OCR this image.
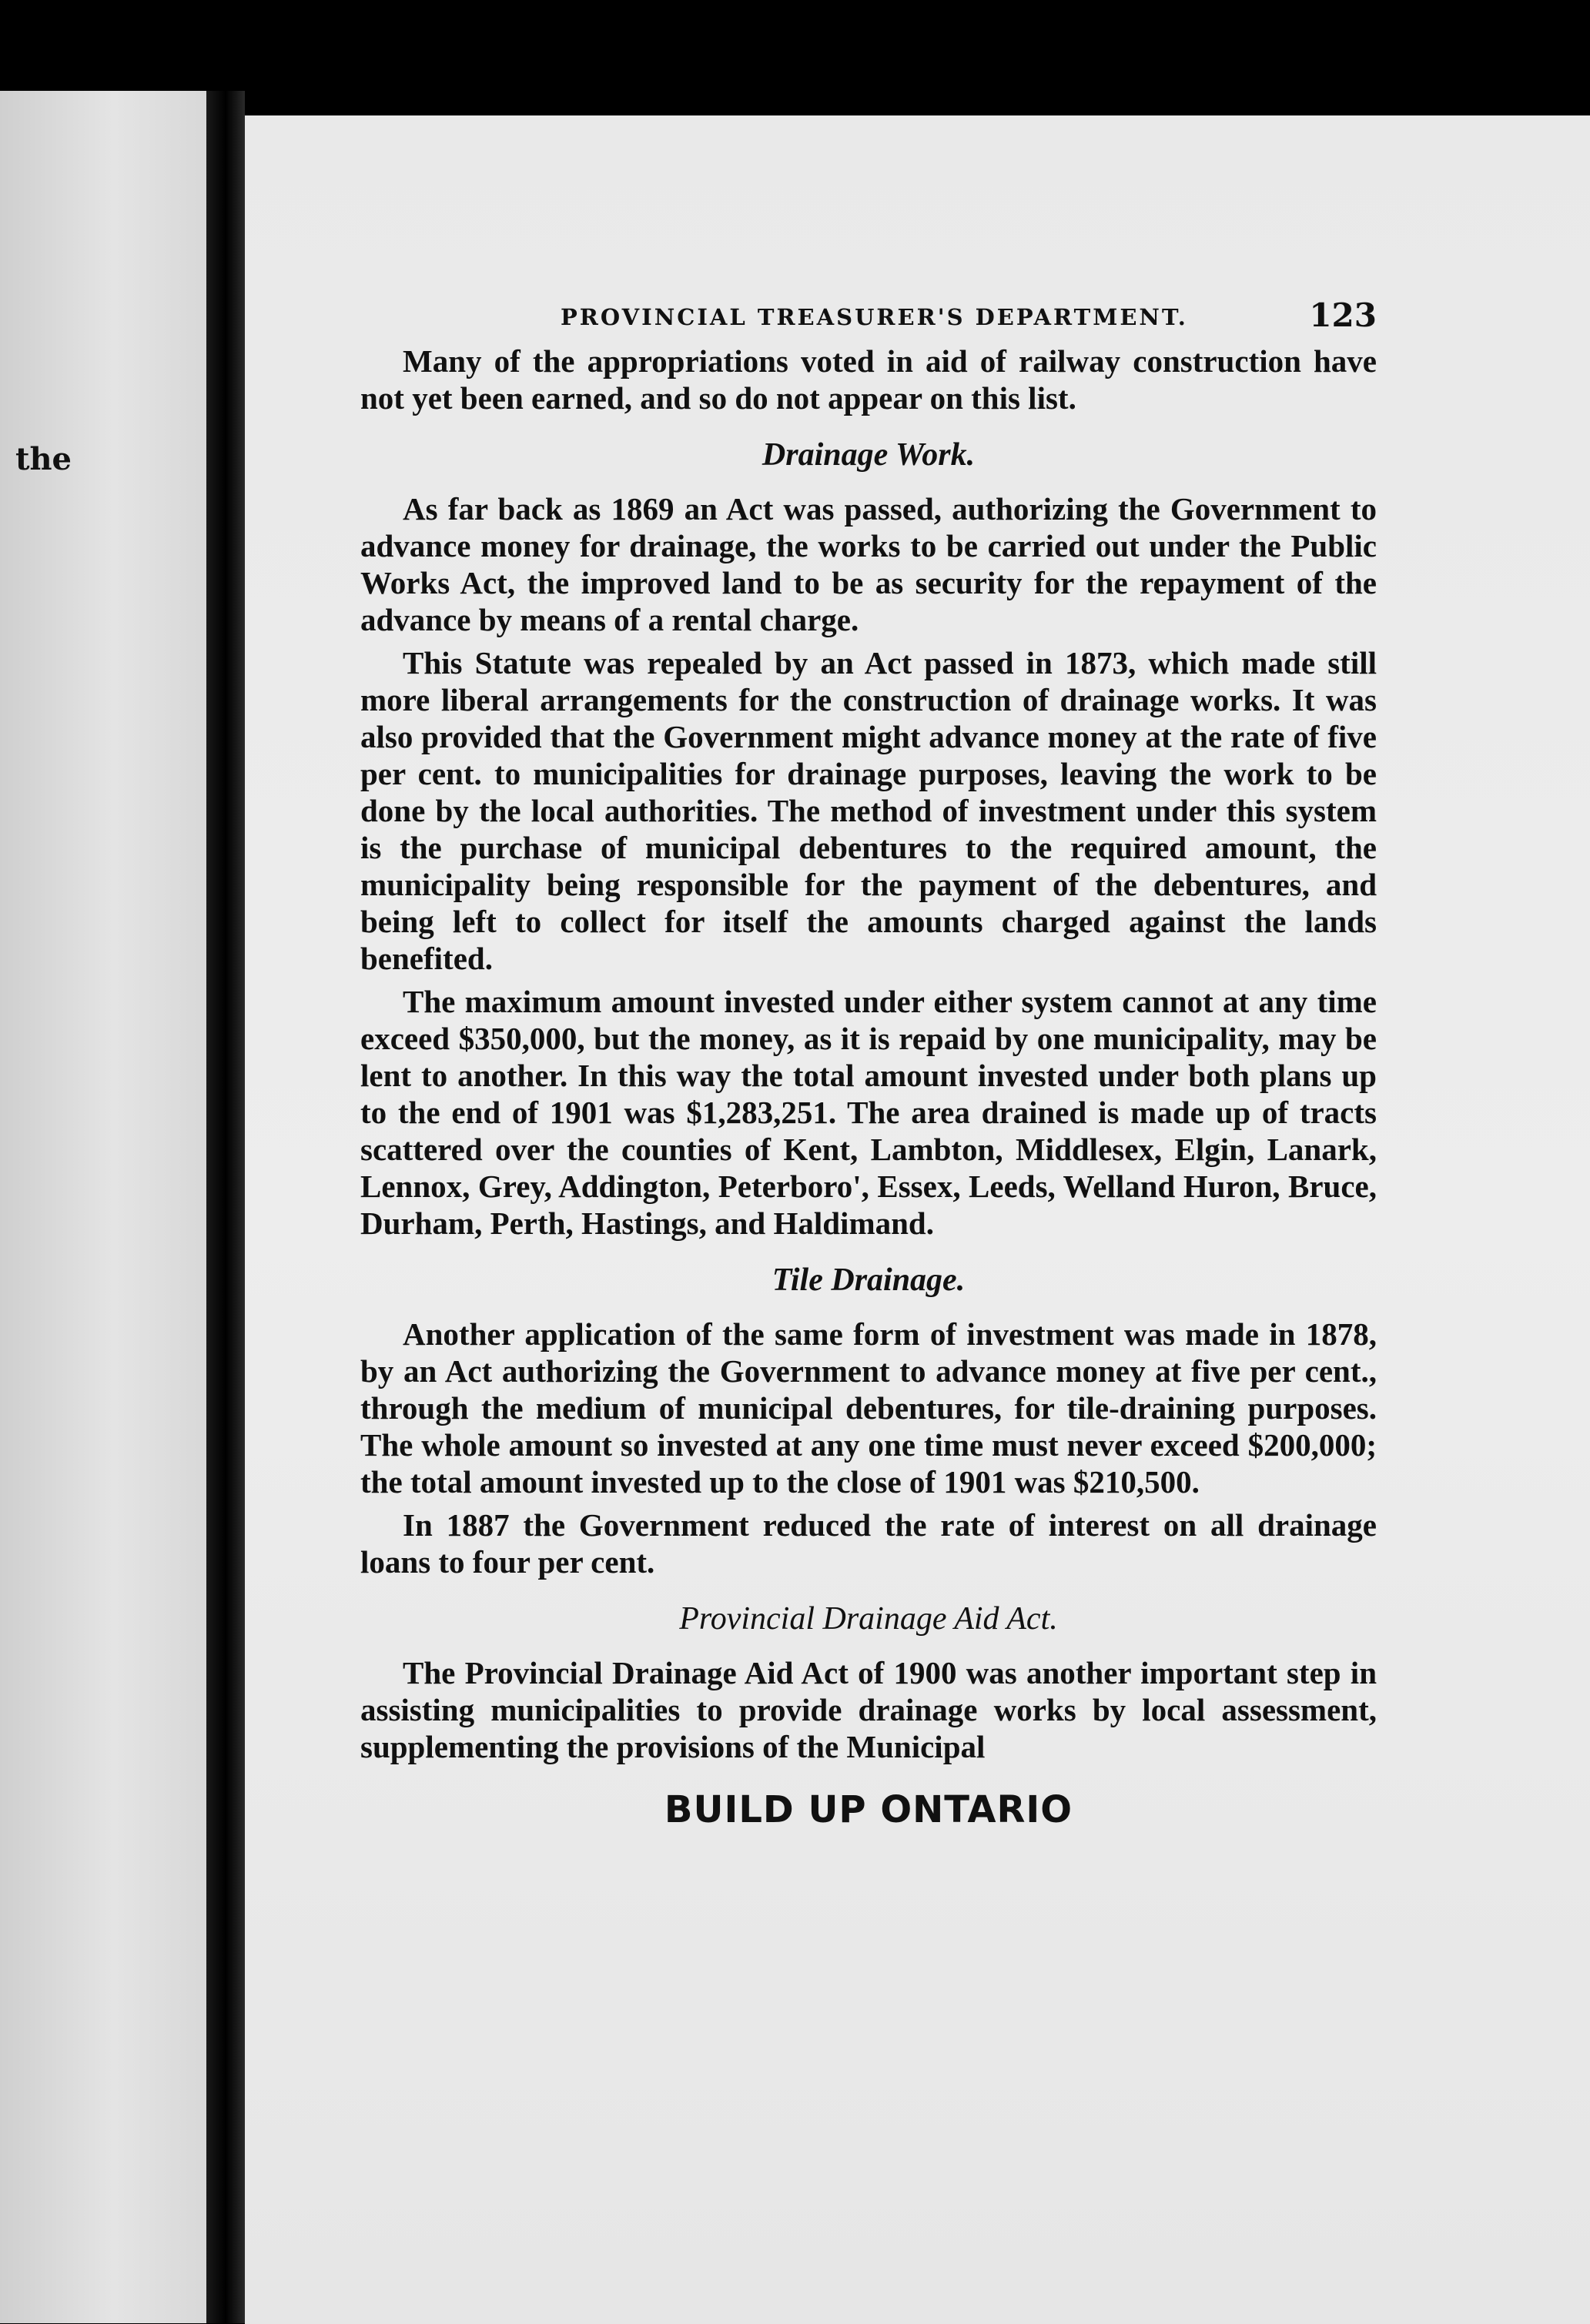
the
PROVINCIAL TREASURER'S DEPARTMENT.	123

Many of the appropriations voted in aid of railway construction have not yet been earned, and so do not appear on this list.

Drainage Work.

As far back as 1869 an Act was passed, authorizing the Government to advance money for drainage, the works to be carried out under the Public Works Act, the improved land to be as security for the repayment of the advance by means of a rental charge.

This Statute was repealed by an Act passed in 1873, which made still more liberal arrangements for the construction of drainage works. It was also provided that the Government might advance money at the rate of five per cent. to municipalities for drainage purposes, leaving the work to be done by the local authorities. The method of investment under this system is the purchase of municipal debentures to the required amount, the municipality being responsible for the payment of the debentures, and being left to collect for itself the amounts charged against the lands benefited.

The maximum amount invested under either system cannot at any time exceed $350,000, but the money, as it is repaid by one municipality, may be lent to another. In this way the total amount invested under both plans up to the end of 1901 was $1,283,251. The area drained is made up of tracts scattered over the counties of Kent, Lambton, Middlesex, Elgin, Lanark, Lennox, Grey, Addington, Peterboro', Essex, Leeds, Welland Huron, Bruce, Durham, Perth, Hastings, and Haldimand.

Tile Drainage.

Another application of the same form of investment was made in 1878, by an Act authorizing the Government to advance money at five per cent., through the medium of municipal debentures, for tile-draining purposes. The whole amount so invested at any one time must never exceed $200,000; the total amount invested up to the close of 1901 was $210,500.

In 1887 the Government reduced the rate of interest on all drainage loans to four per cent.

Provincial Drainage Aid Act.

The Provincial Drainage Aid Act of 1900 was another important step in assisting municipalities to provide drainage works by local assessment, supplementing the provisions of the Municipal

BUILD UP ONTARIO
